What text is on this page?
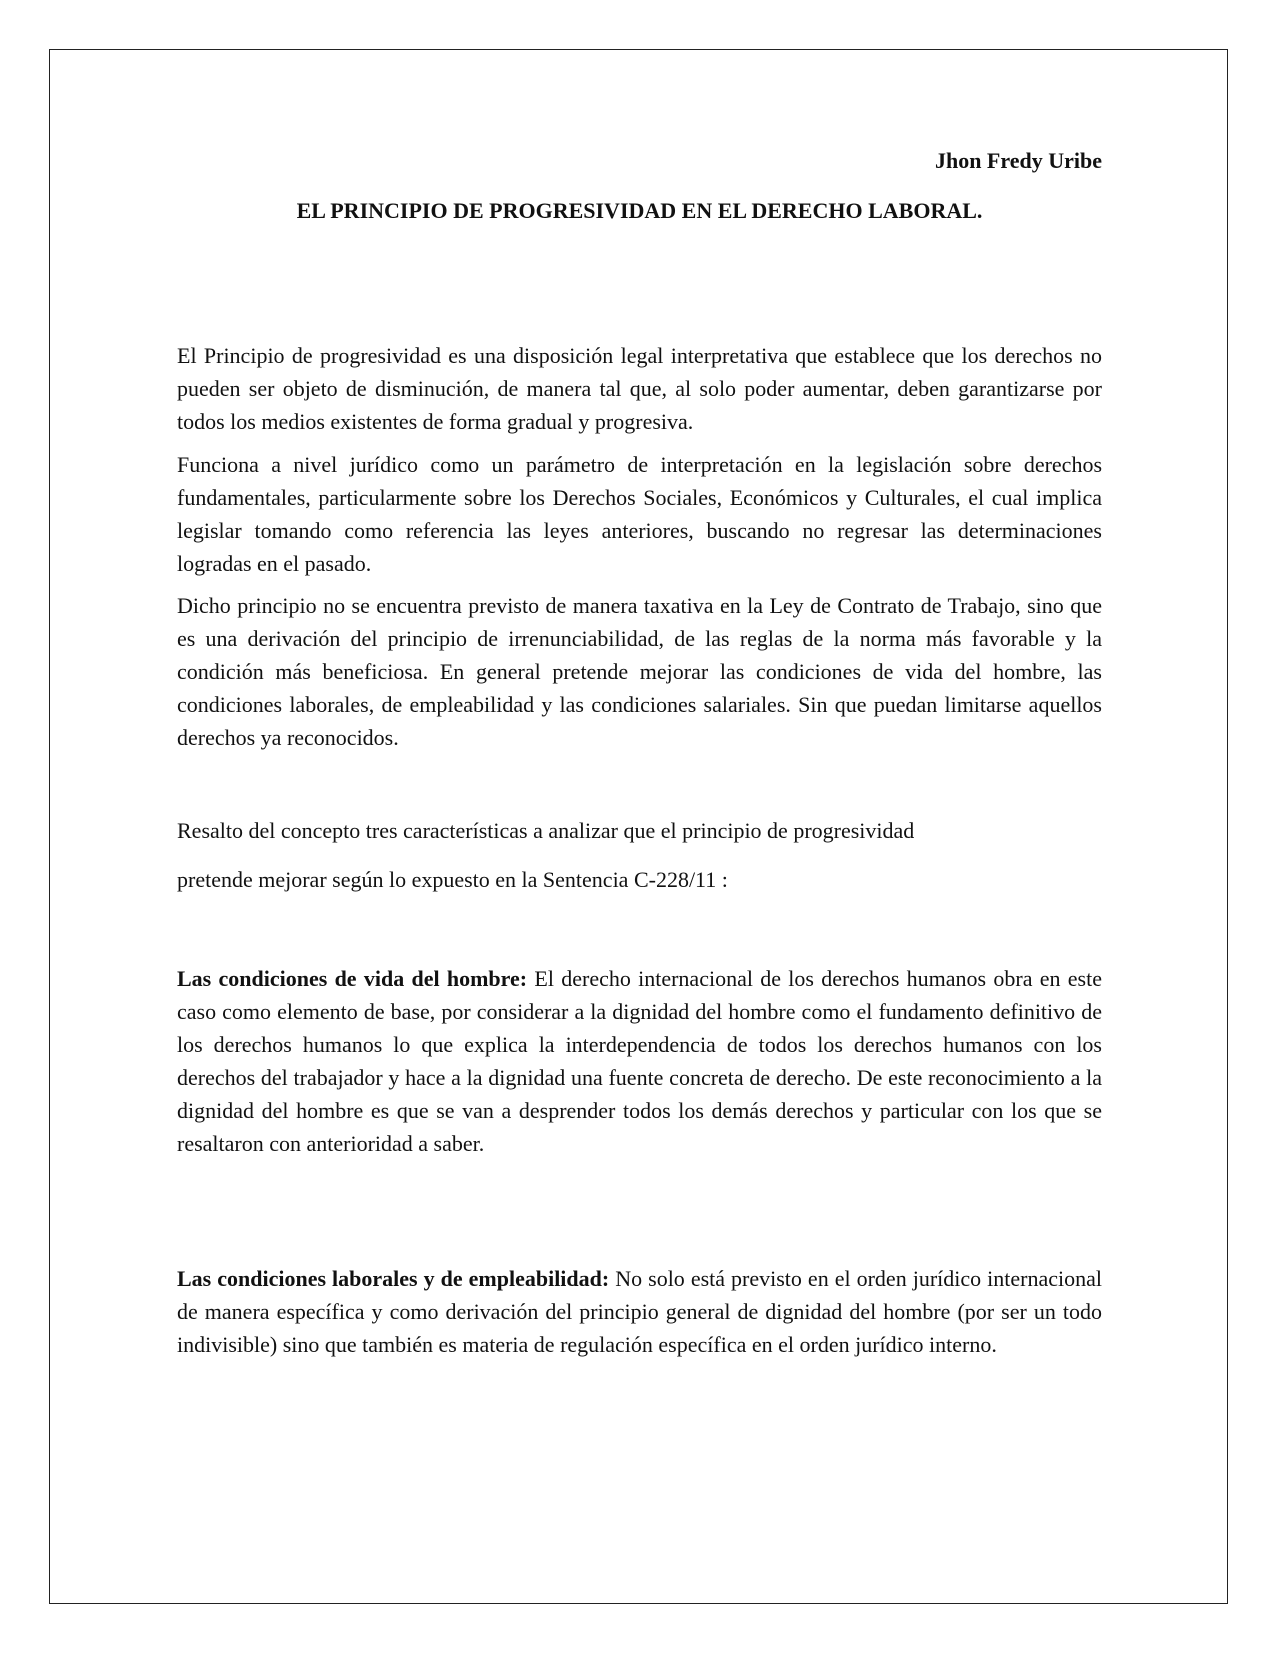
Jhon Fredy Uribe
EL PRINCIPIO DE PROGRESIVIDAD EN EL DERECHO LABORAL.

El Principio de progresividad es una disposición legal interpretativa que establece que los derechos no pueden ser objeto de disminución, de manera tal que, al solo poder aumentar, deben garantizarse por todos los medios existentes de forma gradual y progresiva.

Funciona a nivel jurídico como un parámetro de interpretación en la legislación sobre derechos fundamentales, particularmente sobre los Derechos Sociales, Económicos y Culturales, el cual implica legislar tomando como referencia las leyes anteriores, buscando no regresar las determinaciones logradas en el pasado.

Dicho principio no se encuentra previsto de manera taxativa en la Ley de Contrato de Trabajo, sino que es una derivación del principio de irrenunciabilidad, de las reglas de la norma más favorable y la condición más beneficiosa. En general pretende mejorar las condiciones de vida del hombre, las condiciones laborales, de empleabilidad y las condiciones salariales. Sin que puedan limitarse aquellos derechos ya reconocidos.

Resalto del concepto tres características a analizar que el principio de progresividad

pretende mejorar según lo expuesto en la Sentencia C-228/11 :

Las condiciones de vida del hombre: El derecho internacional de los derechos humanos obra en este caso como elemento de base, por considerar a la dignidad del hombre como el fundamento definitivo de los derechos humanos lo que explica la interdependencia de todos los derechos humanos con los derechos del trabajador y hace a la dignidad una fuente concreta de derecho. De este reconocimiento a la dignidad del hombre es que se van a desprender todos los demás derechos y particular con los que se resaltaron con anterioridad a saber.

Las condiciones laborales y de empleabilidad: No solo está previsto en el orden jurídico internacional de manera específica y como derivación del principio general de dignidad del hombre (por ser un todo indivisible) sino que también es materia de regulación específica en el orden jurídico interno.
